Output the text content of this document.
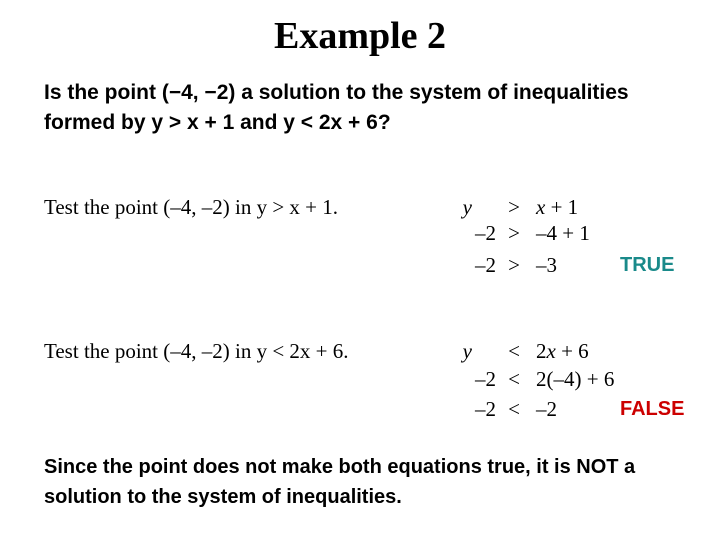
Example 2
Is the point (−4, −2) a solution to the system of inequalities
formed by y > x + 1 and y < 2x + 6?
Test the point (–4, –2) in y > x + 1.	y > x + 1
–2 > –4 + 1
–2 > –3	TRUE
Test the point (–4, –2) in y < 2x + 6.	y < 2x + 6
–2 < 2(–4) + 6
–2 < –2	FALSE
Since the point does not make both equations true, it is NOT a
solution to the system of inequalities.
